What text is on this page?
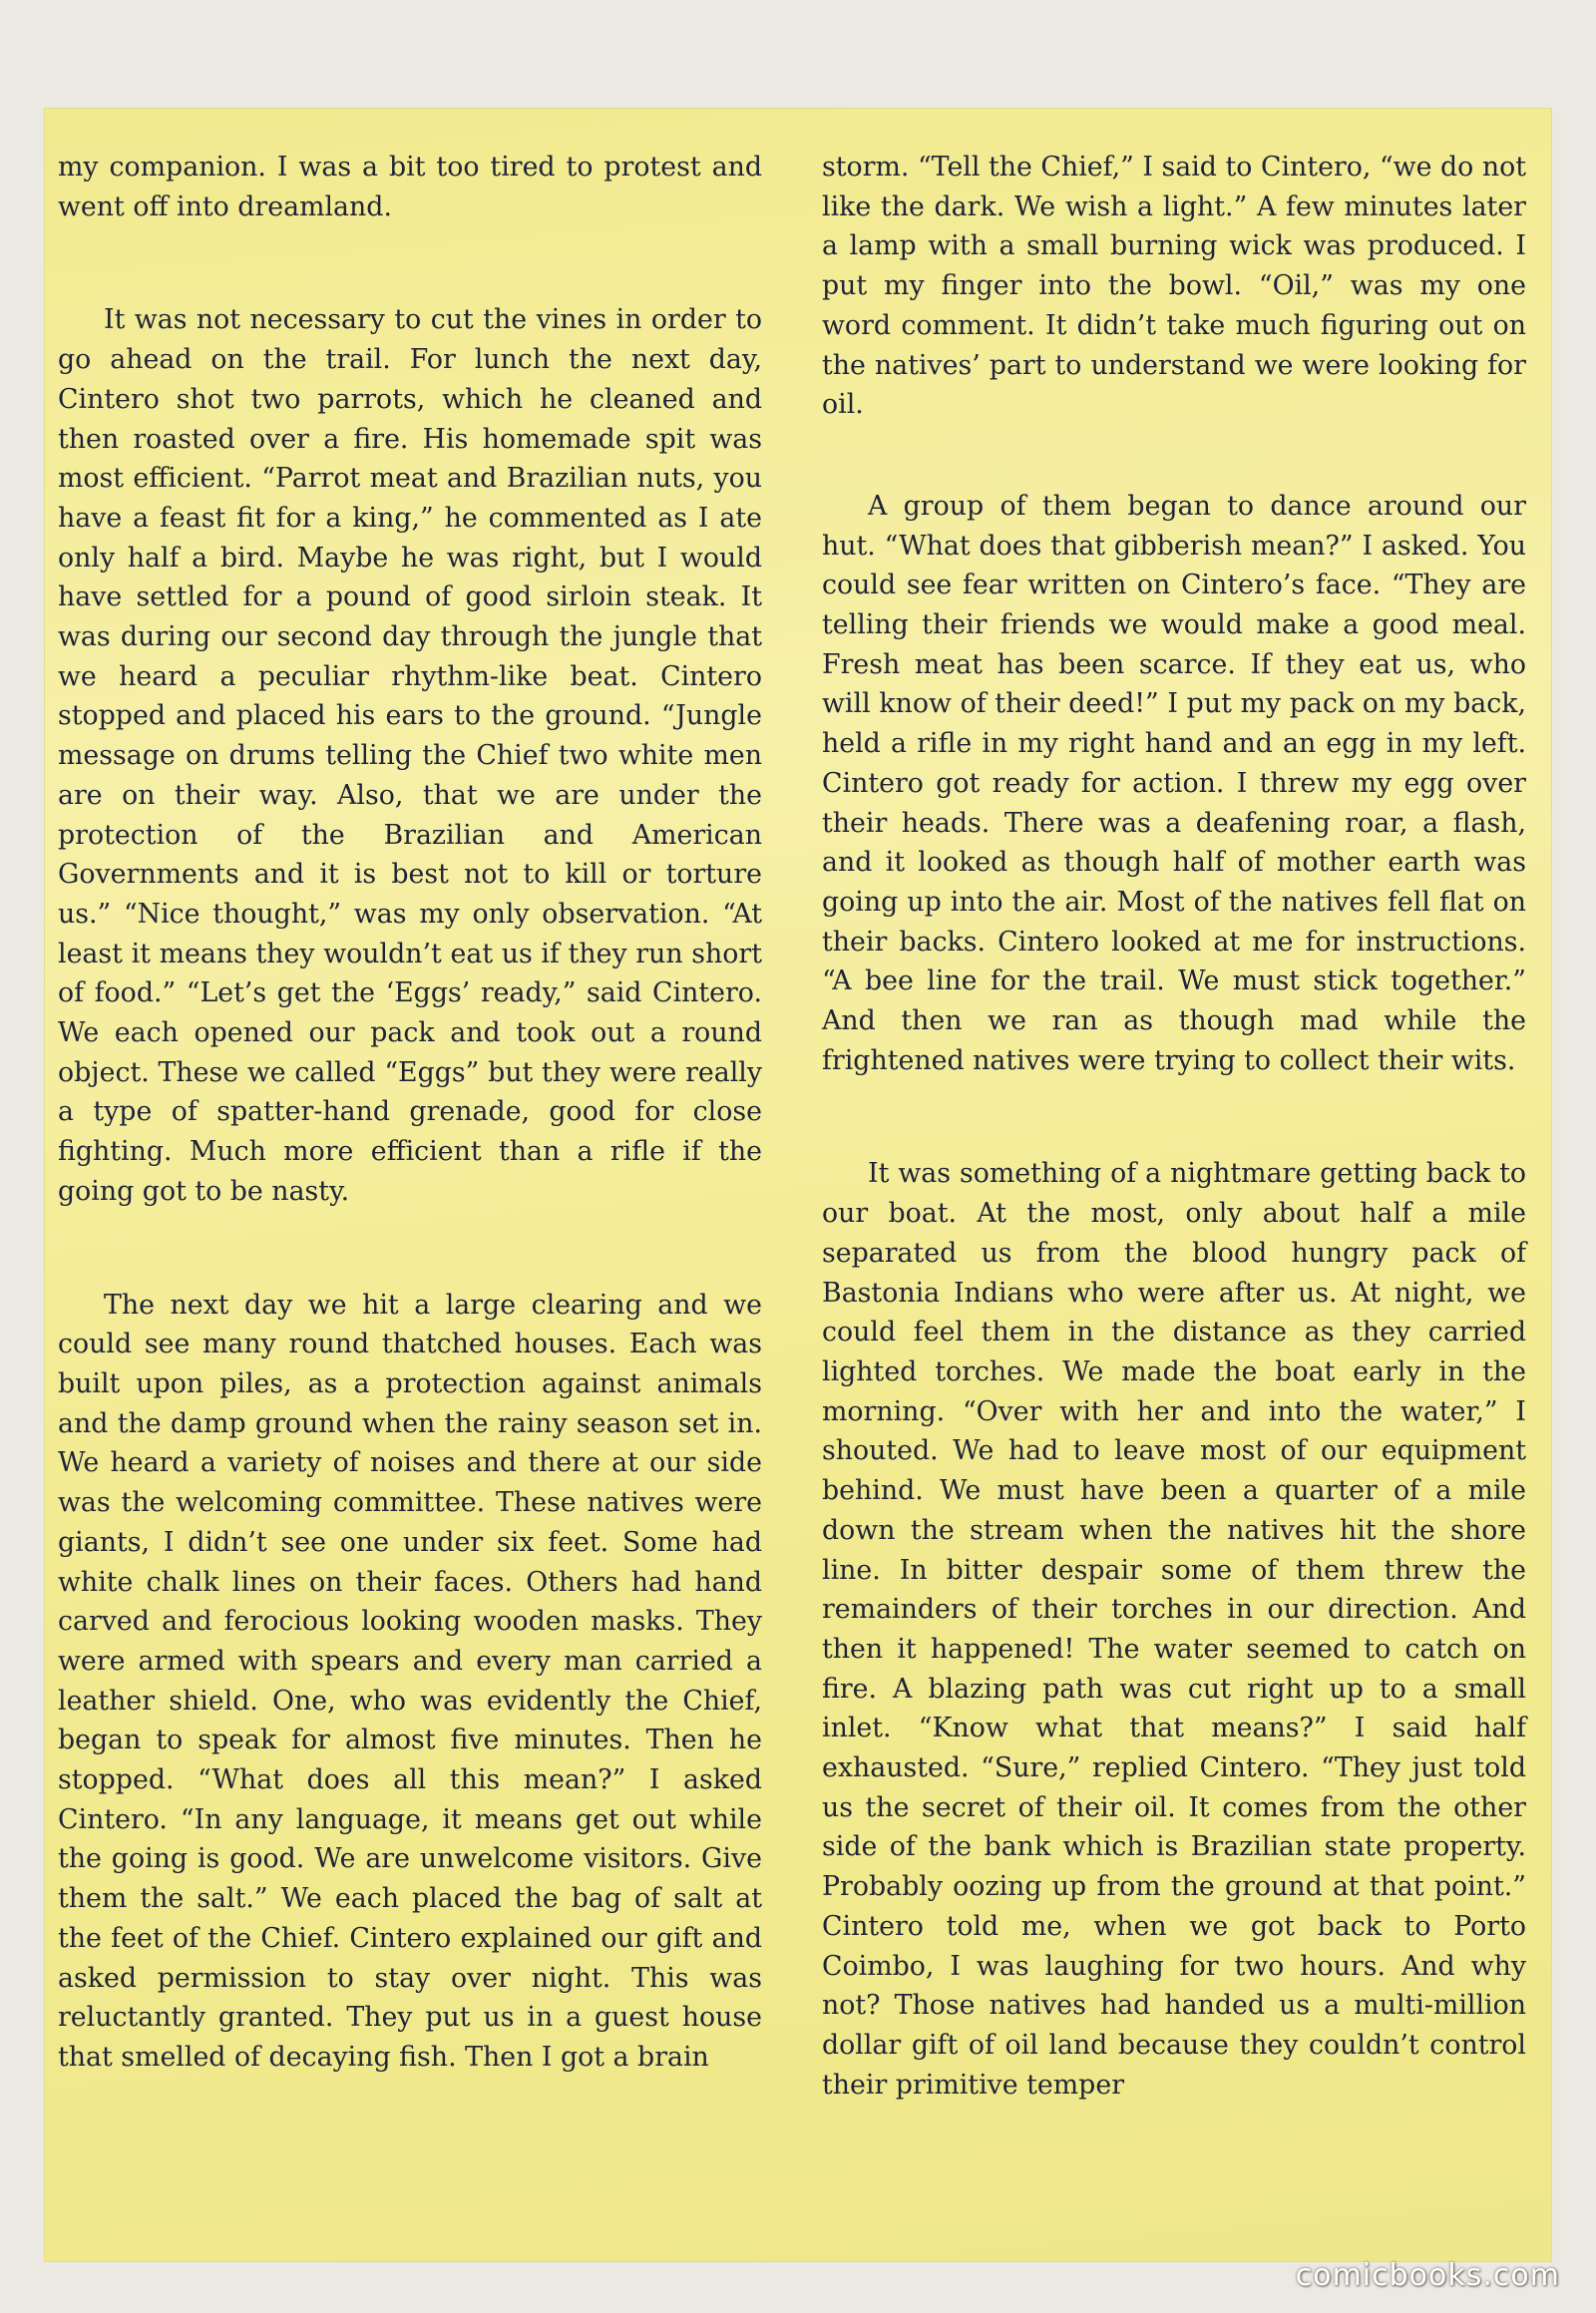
my companion. I was a bit too tired to protest and went off into dreamland.

It was not necessary to cut the vines in order to go ahead on the trail. For lunch the next day, Cintero shot two parrots, which he cleaned and then roasted over a fire. His homemade spit was most efficient. “Parrot meat and Brazilian nuts, you have a feast fit for a king,” he commented as I ate only half a bird. Maybe he was right, but I would have settled for a pound of good sirloin steak. It was during our second day through the jungle that we heard a peculiar rhythm-like beat. Cintero stopped and placed his ears to the ground. “Jungle message on drums telling the Chief two white men are on their way. Also, that we are under the protection of the Brazilian and American Governments and it is best not to kill or torture us.” “Nice thought,” was my only observation. “At least it means they wouldn’t eat us if they run short of food.” “Let’s get the ‘Eggs’ ready,” said Cintero. We each opened our pack and took out a round object. These we called “Eggs” but they were really a type of spatter-hand grenade, good for close fighting. Much more efficient than a rifle if the going got to be nasty.

The next day we hit a large clearing and we could see many round thatched houses. Each was built upon piles, as a protection against animals and the damp ground when the rainy season set in. We heard a variety of noises and there at our side was the welcoming committee. These natives were giants, I didn’t see one under six feet. Some had white chalk lines on their faces. Others had hand carved and ferocious looking wooden masks. They were armed with spears and every man carried a leather shield. One, who was evidently the Chief, began to speak for almost five minutes. Then he stopped. “What does all this mean?” I asked Cintero. “In any language, it means get out while the going is good. We are unwelcome visitors. Give them the salt.” We each placed the bag of salt at the feet of the Chief. Cintero explained our gift and asked permission to stay over night. This was reluctantly granted. They put us in a guest house that smelled of decaying fish. Then I got a brain

storm. “Tell the Chief,” I said to Cintero, “we do not like the dark. We wish a light.” A few minutes later a lamp with a small burning wick was produced. I put my finger into the bowl. “Oil,” was my one word comment. It didn’t take much figuring out on the natives’ part to understand we were looking for oil.

A group of them began to dance around our hut. “What does that gibberish mean?” I asked. You could see fear written on Cintero’s face. “They are telling their friends we would make a good meal. Fresh meat has been scarce. If they eat us, who will know of their deed!” I put my pack on my back, held a rifle in my right hand and an egg in my left. Cintero got ready for action. I threw my egg over their heads. There was a deafening roar, a flash, and it looked as though half of mother earth was going up into the air. Most of the natives fell flat on their backs. Cintero looked at me for instructions. “A bee line for the trail. We must stick together.” And then we ran as though mad while the frightened natives were trying to collect their wits.

It was something of a nightmare getting back to our boat. At the most, only about half a mile separated us from the blood hungry pack of Bastonia Indians who were after us. At night, we could feel them in the distance as they carried lighted torches. We made the boat early in the morning. “Over with her and into the water,” I shouted. We had to leave most of our equipment behind. We must have been a quarter of a mile down the stream when the natives hit the shore line. In bitter despair some of them threw the remainders of their torches in our direction. And then it happened! The water seemed to catch on fire. A blazing path was cut right up to a small inlet. “Know what that means?” I said half exhausted. “Sure,” replied Cintero. “They just told us the secret of their oil. It comes from the other side of the bank which is Brazilian state property. Probably oozing up from the ground at that point.” Cintero told me, when we got back to Porto Coimbo, I was laughing for two hours. And why not? Those natives had handed us a multi-million dollar gift of oil land because they couldn’t control their primitive temper

comicbooks.com
